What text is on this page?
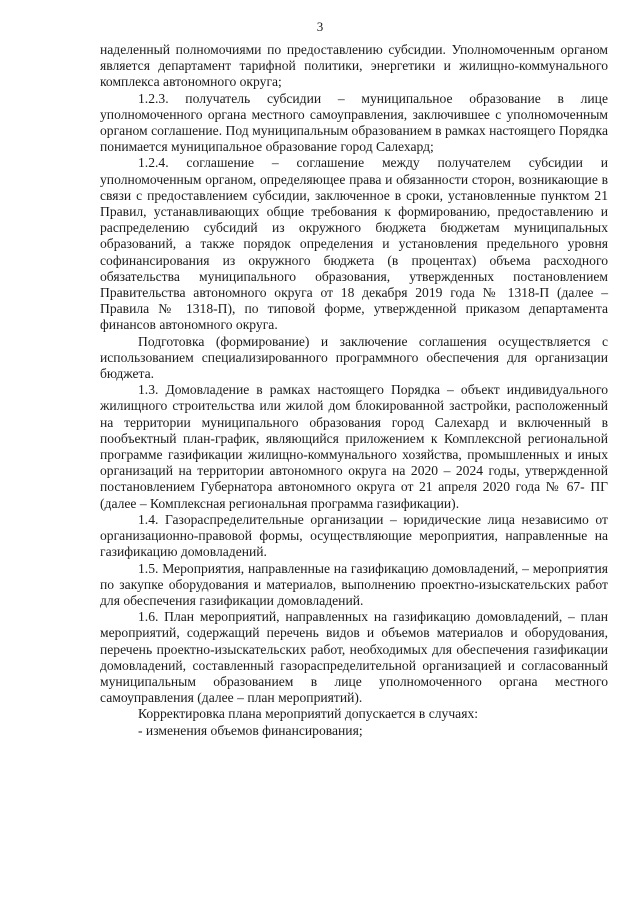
3

наделенный полномочиями по предоставлению субсидии. Уполномоченным органом является департамент тарифной политики, энергетики и жилищно-коммунального комплекса автономного округа;

1.2.3. получатель субсидии – муниципальное образование в лице уполномоченного органа местного самоуправления, заключившее с уполномоченным органом соглашение. Под муниципальным образованием в рамках настоящего Порядка понимается муниципальное образование город Салехард;

1.2.4. соглашение – соглашение между получателем субсидии и уполномоченным органом, определяющее права и обязанности сторон, возникающие в связи с предоставлением субсидии, заключенное в сроки, установленные пунктом 21 Правил, устанавливающих общие требования к формированию, предоставлению и распределению субсидий из окружного бюджета бюджетам муниципальных образований, а также порядок определения и установления предельного уровня софинансирования из окружного бюджета (в процентах) объема расходного обязательства муниципального образования, утвержденных постановлением Правительства автономного округа от 18 декабря 2019 года № 1318-П (далее – Правила № 1318-П), по типовой форме, утвержденной приказом департамента финансов автономного округа.

Подготовка (формирование) и заключение соглашения осуществляется с использованием специализированного программного обеспечения для организации бюджета.

1.3. Домовладение в рамках настоящего Порядка – объект индивидуального жилищного строительства или жилой дом блокированной застройки, расположенный на территории муниципального образования город Салехард и включенный в пообъектный план-график, являющийся приложением к Комплексной региональной программе газификации жилищно-коммунального хозяйства, промышленных и иных организаций на территории автономного округа на 2020 – 2024 годы, утвержденной постановлением Губернатора автономного округа от 21 апреля 2020 года № 67- ПГ (далее – Комплексная региональная программа газификации).

1.4. Газораспределительные организации – юридические лица независимо от организационно-правовой формы, осуществляющие мероприятия, направленные на газификацию домовладений.

1.5. Мероприятия, направленные на газификацию домовладений, – мероприятия по закупке оборудования и материалов, выполнению проектно-изыскательских работ для обеспечения газификации домовладений.

1.6. План мероприятий, направленных на газификацию домовладений, – план мероприятий, содержащий перечень видов и объемов материалов и оборудования, перечень проектно-изыскательских работ, необходимых для обеспечения газификации домовладений, составленный газораспределительной организацией и согласованный муниципальным образованием в лице уполномоченного органа местного самоуправления (далее – план мероприятий).

Корректировка плана мероприятий допускается в случаях:

- изменения объемов финансирования;
